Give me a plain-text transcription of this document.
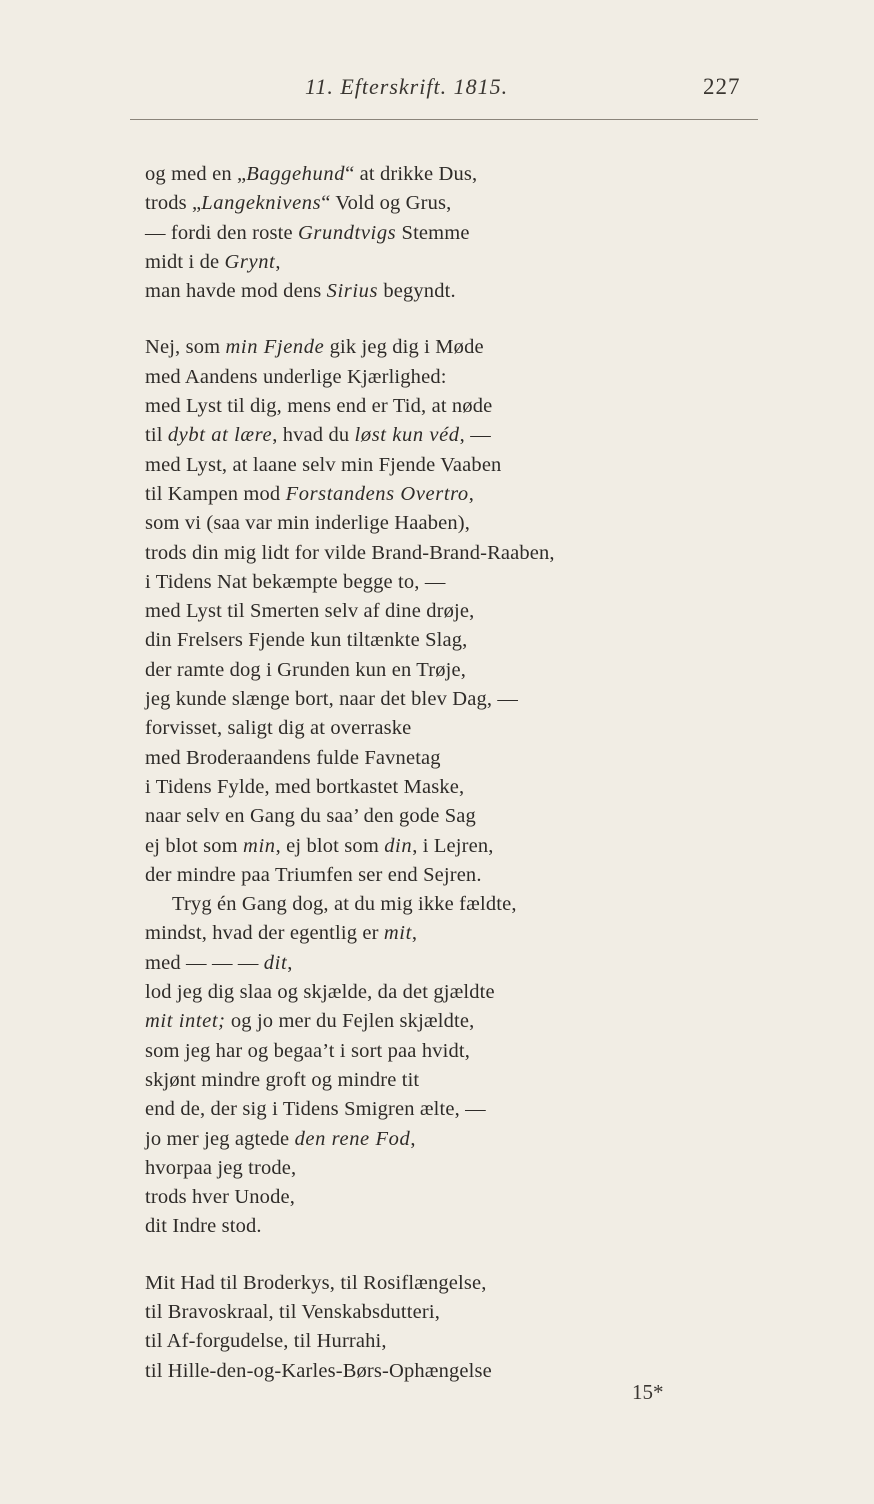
11. Efterskrift. 1815.	227
og med en „Baggehund“ at drikke Dus,
trods „Langeknivens“ Vold og Grus,
— fordi den roste Grundtvigs Stemme
midt i de Grynt,
man havde mod dens Sirius begyndt.
Nej, som min Fjende gik jeg dig i Møde
med Aandens underlige Kjærlighed:
med Lyst til dig, mens end er Tid, at nøde
til dybt at lære, hvad du løst kun véd, —
med Lyst, at laane selv min Fjende Vaaben
til Kampen mod Forstandens Overtro,
som vi (saa var min inderlige Haaben),
trods din mig lidt for vilde Brand-Brand-Raaben,
i Tidens Nat bekæmpte begge to, —
med Lyst til Smerten selv af dine drøje,
din Frelsers Fjende kun tiltænkte Slag,
der ramte dog i Grunden kun en Trøje,
jeg kunde slænge bort, naar det blev Dag, —
forvisset, saligt dig at overraske
med Broderaandens fulde Favnetag
i Tidens Fylde, med bortkastet Maske,
naar selv en Gang du saa’ den gode Sag
ej blot som min, ej blot som din, i Lejren,
der mindre paa Triumfen ser end Sejren.
Tryg én Gang dog, at du mig ikke fældte,
mindst, hvad der egentlig er mit,
med — — — dit,
lod jeg dig slaa og skjælde, da det gjældte
mit intet; og jo mer du Fejlen skjældte,
som jeg har og begaa’t i sort paa hvidt,
skjønt mindre groft og mindre tit
end de, der sig i Tidens Smigren ælte, —
jo mer jeg agtede den rene Fod,
hvorpaa jeg trode,
trods hver Unode,
dit Indre stod.
Mit Had til Broderkys, til Rosiflængelse,
til Bravoskraal, til Venskabsdutteri,
til Af-forgudelse, til Hurrahi,
til Hille-den-og-Karles-Børs-Ophængelse
15*
